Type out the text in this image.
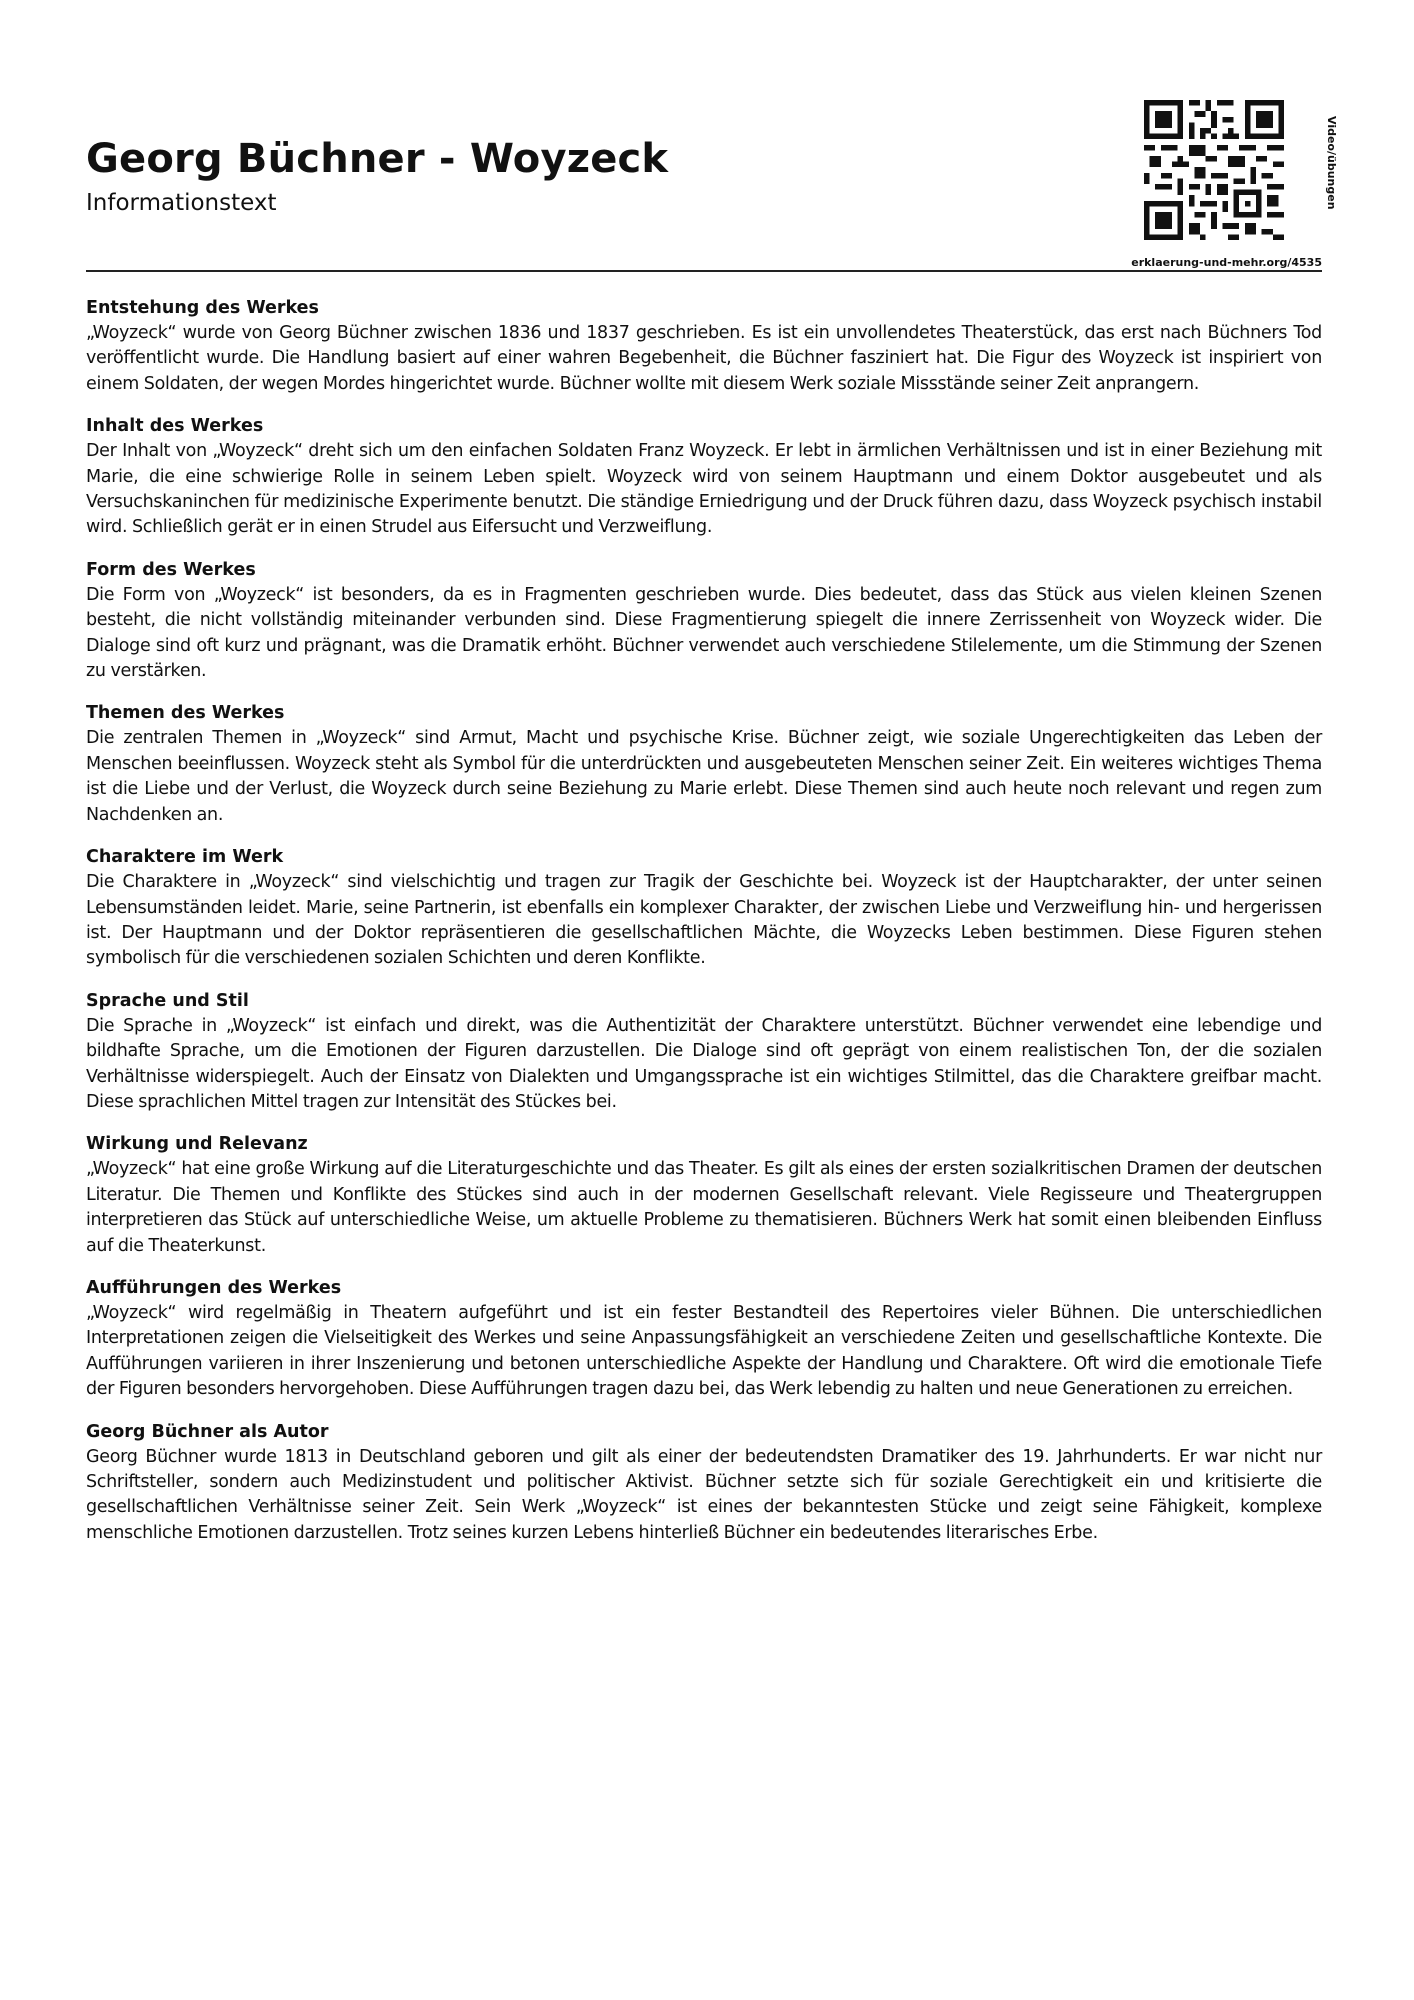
Georg Büchner - Woyzeck
Informationstext	Video/übungen
erklaerung-und-mehr.org/4535
Entstehung des Werkes

„Woyzeck“ wurde von Georg Büchner zwischen 1836 und 1837 geschrieben. Es ist ein unvollendetes Theaterstück, das erst nach Büchners Tod veröffentlicht wurde. Die Handlung basiert auf einer wahren Begebenheit, die Büchner fasziniert hat. Die Figur des Woyzeck ist inspiriert von einem Soldaten, der wegen Mordes hingerichtet wurde. Büchner wollte mit diesem Werk soziale Missstände seiner Zeit anprangern.

Inhalt des Werkes

Der Inhalt von „Woyzeck“ dreht sich um den einfachen Soldaten Franz Woyzeck. Er lebt in ärmlichen Verhältnissen und ist in einer Beziehung mit Marie, die eine schwierige Rolle in seinem Leben spielt. Woyzeck wird von seinem Hauptmann und einem Doktor ausgebeutet und als Versuchskaninchen für medizinische Experimente benutzt. Die ständige Erniedrigung und der Druck führen dazu, dass Woyzeck psychisch instabil wird. Schließlich gerät er in einen Strudel aus Eifersucht und Verzweiflung.

Form des Werkes

Die Form von „Woyzeck“ ist besonders, da es in Fragmenten geschrieben wurde. Dies bedeutet, dass das Stück aus vielen kleinen Szenen besteht, die nicht vollständig miteinander verbunden sind. Diese Fragmentierung spiegelt die innere Zerrissenheit von Woyzeck wider. Die Dialoge sind oft kurz und prägnant, was die Dramatik erhöht. Büchner verwendet auch verschiedene Stilelemente, um die Stimmung der Szenen zu verstärken.

Themen des Werkes

Die zentralen Themen in „Woyzeck“ sind Armut, Macht und psychische Krise. Büchner zeigt, wie soziale Ungerechtigkeiten das Leben der Menschen beeinflussen. Woyzeck steht als Symbol für die unterdrückten und ausgebeuteten Menschen seiner Zeit. Ein weiteres wichtiges Thema ist die Liebe und der Verlust, die Woyzeck durch seine Beziehung zu Marie erlebt. Diese Themen sind auch heute noch relevant und regen zum Nachdenken an.

Charaktere im Werk

Die Charaktere in „Woyzeck“ sind vielschichtig und tragen zur Tragik der Geschichte bei. Woyzeck ist der Hauptcharakter, der unter seinen Lebensumständen leidet. Marie, seine Partnerin, ist ebenfalls ein komplexer Charakter, der zwischen Liebe und Verzweiflung hin- und hergerissen ist. Der Hauptmann und der Doktor repräsentieren die gesellschaftlichen Mächte, die Woyzecks Leben bestimmen. Diese Figuren stehen symbolisch für die verschiedenen sozialen Schichten und deren Konflikte.

Sprache und Stil

Die Sprache in „Woyzeck“ ist einfach und direkt, was die Authentizität der Charaktere unterstützt. Büchner verwendet eine lebendige und bildhafte Sprache, um die Emotionen der Figuren darzustellen. Die Dialoge sind oft geprägt von einem realistischen Ton, der die sozialen Verhältnisse widerspiegelt. Auch der Einsatz von Dialekten und Umgangssprache ist ein wichtiges Stilmittel, das die Charaktere greifbar macht. Diese sprachlichen Mittel tragen zur Intensität des Stückes bei.

Wirkung und Relevanz

„Woyzeck“ hat eine große Wirkung auf die Literaturgeschichte und das Theater. Es gilt als eines der ersten sozialkritischen Dramen der deutschen Literatur. Die Themen und Konflikte des Stückes sind auch in der modernen Gesellschaft relevant. Viele Regisseure und Theatergruppen interpretieren das Stück auf unterschiedliche Weise, um aktuelle Probleme zu thematisieren. Büchners Werk hat somit einen bleibenden Einfluss auf die Theaterkunst.

Aufführungen des Werkes

„Woyzeck“ wird regelmäßig in Theatern aufgeführt und ist ein fester Bestandteil des Repertoires vieler Bühnen. Die unterschiedlichen Interpretationen zeigen die Vielseitigkeit des Werkes und seine Anpassungsfähigkeit an verschiedene Zeiten und gesellschaftliche Kontexte. Die Aufführungen variieren in ihrer Inszenierung und betonen unterschiedliche Aspekte der Handlung und Charaktere. Oft wird die emotionale Tiefe der Figuren besonders hervorgehoben. Diese Aufführungen tragen dazu bei, das Werk lebendig zu halten und neue Generationen zu erreichen.

Georg Büchner als Autor

Georg Büchner wurde 1813 in Deutschland geboren und gilt als einer der bedeutendsten Dramatiker des 19. Jahrhunderts. Er war nicht nur Schriftsteller, sondern auch Medizinstudent und politischer Aktivist. Büchner setzte sich für soziale Gerechtigkeit ein und kritisierte die gesellschaftlichen Verhältnisse seiner Zeit. Sein Werk „Woyzeck“ ist eines der bekanntesten Stücke und zeigt seine Fähigkeit, komplexe menschliche Emotionen darzustellen. Trotz seines kurzen Lebens hinterließ Büchner ein bedeutendes literarisches Erbe.
